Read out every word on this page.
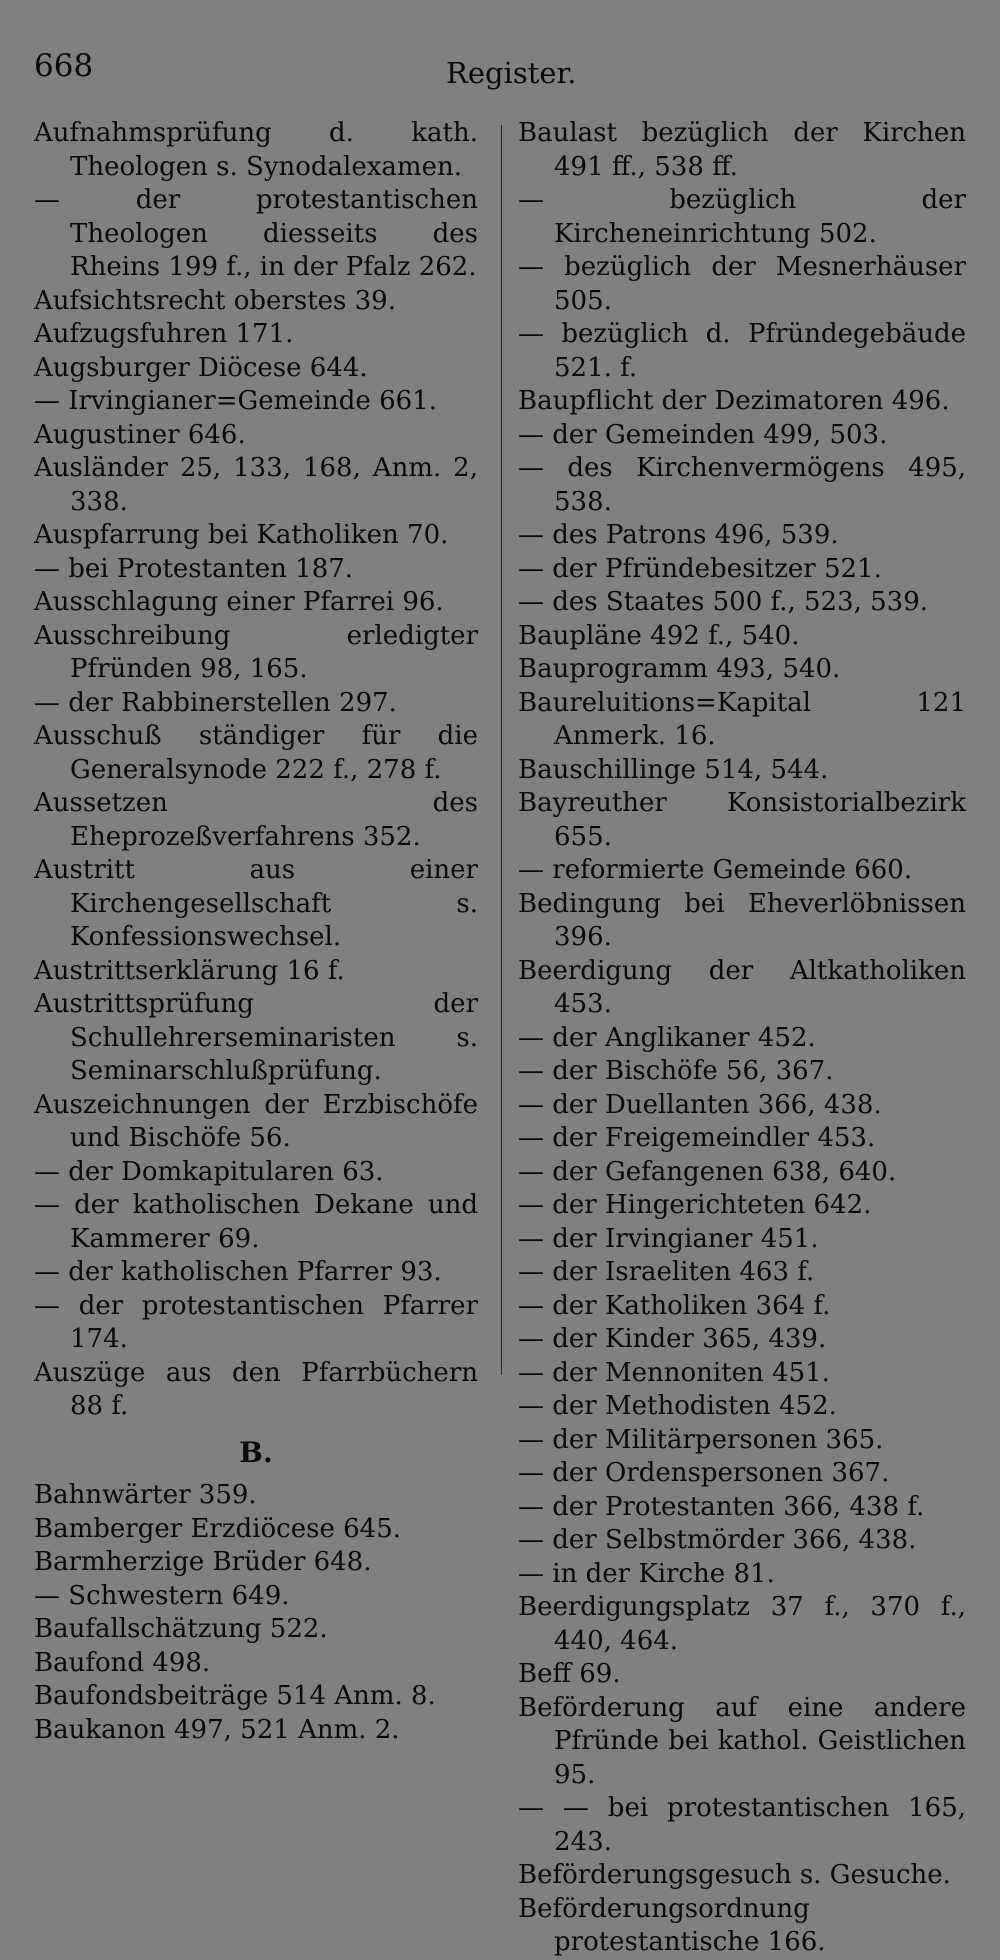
668	Register.
Aufnahmsprüfung d. kath. Theologen s. Synodalexamen.
— der protestantischen Theologen diesseits des Rheins 199 f., in der Pfalz 262.
Aufsichtsrecht oberstes 39.
Aufzugsfuhren 171.
Augsburger Diöcese 644.
— Irvingianer=Gemeinde 661.
Augustiner 646.
Ausländer 25, 133, 168, Anm. 2, 338.
Auspfarrung bei Katholiken 70.
— bei Protestanten 187.
Ausschlagung einer Pfarrei 96.
Ausschreibung erledigter Pfründen 98, 165.
— der Rabbinerstellen 297.
Ausschuß ständiger für die Generalsynode 222 f., 278 f.
Aussetzen des Eheprozeßverfahrens 352.
Austritt aus einer Kirchengesellschaft s. Konfessionswechsel.
Austrittserklärung 16 f.
Austrittsprüfung der Schullehrerseminaristen s. Seminarschlußprüfung.
Auszeichnungen der Erzbischöfe und Bischöfe 56.
— der Domkapitularen 63.
— der katholischen Dekane und Kammerer 69.
— der katholischen Pfarrer 93.
— der protestantischen Pfarrer 174.
Auszüge aus den Pfarrbüchern 88 f.
B.
Bahnwärter 359.
Bamberger Erzdiöcese 645.
Barmherzige Brüder 648.
— Schwestern 649.
Baufallschätzung 522.
Baufond 498.
Baufondsbeiträge 514 Anm. 8.
Baukanon 497, 521 Anm. 2.
Baulast bezüglich der Kirchen 491 ff., 538 ff.
— bezüglich der Kircheneinrichtung 502.
— bezüglich der Mesnerhäuser 505.
— bezüglich d. Pfründegebäude 521. f.
Baupflicht der Dezimatoren 496.
— der Gemeinden 499, 503.
— des Kirchenvermögens 495, 538.
— des Patrons 496, 539.
— der Pfründebesitzer 521.
— des Staates 500 f., 523, 539.
Baupläne 492 f., 540.
Bauprogramm 493, 540.
Baureluitions=Kapital 121 Anmerk. 16.
Bauschillinge 514, 544.
Bayreuther Konsistorialbezirk 655.
— reformierte Gemeinde 660.
Bedingung bei Eheverlöbnissen 396.
Beerdigung der Altkatholiken 453.
— der Anglikaner 452.
— der Bischöfe 56, 367.
— der Duellanten 366, 438.
— der Freigemeindler 453.
— der Gefangenen 638, 640.
— der Hingerichteten 642.
— der Irvingianer 451.
— der Israeliten 463 f.
— der Katholiken 364 f.
— der Kinder 365, 439.
— der Mennoniten 451.
— der Methodisten 452.
— der Militärpersonen 365.
— der Ordenspersonen 367.
— der Protestanten 366, 438 f.
— der Selbstmörder 366, 438.
— in der Kirche 81.
Beerdigungsplatz 37 f., 370 f., 440, 464.
Beff 69.
Beförderung auf eine andere Pfründe bei kathol. Geistlichen 95.
— — bei protestantischen 165, 243.
Beförderungsgesuch s. Gesuche.
Beförderungsordnung protestantische 166.
